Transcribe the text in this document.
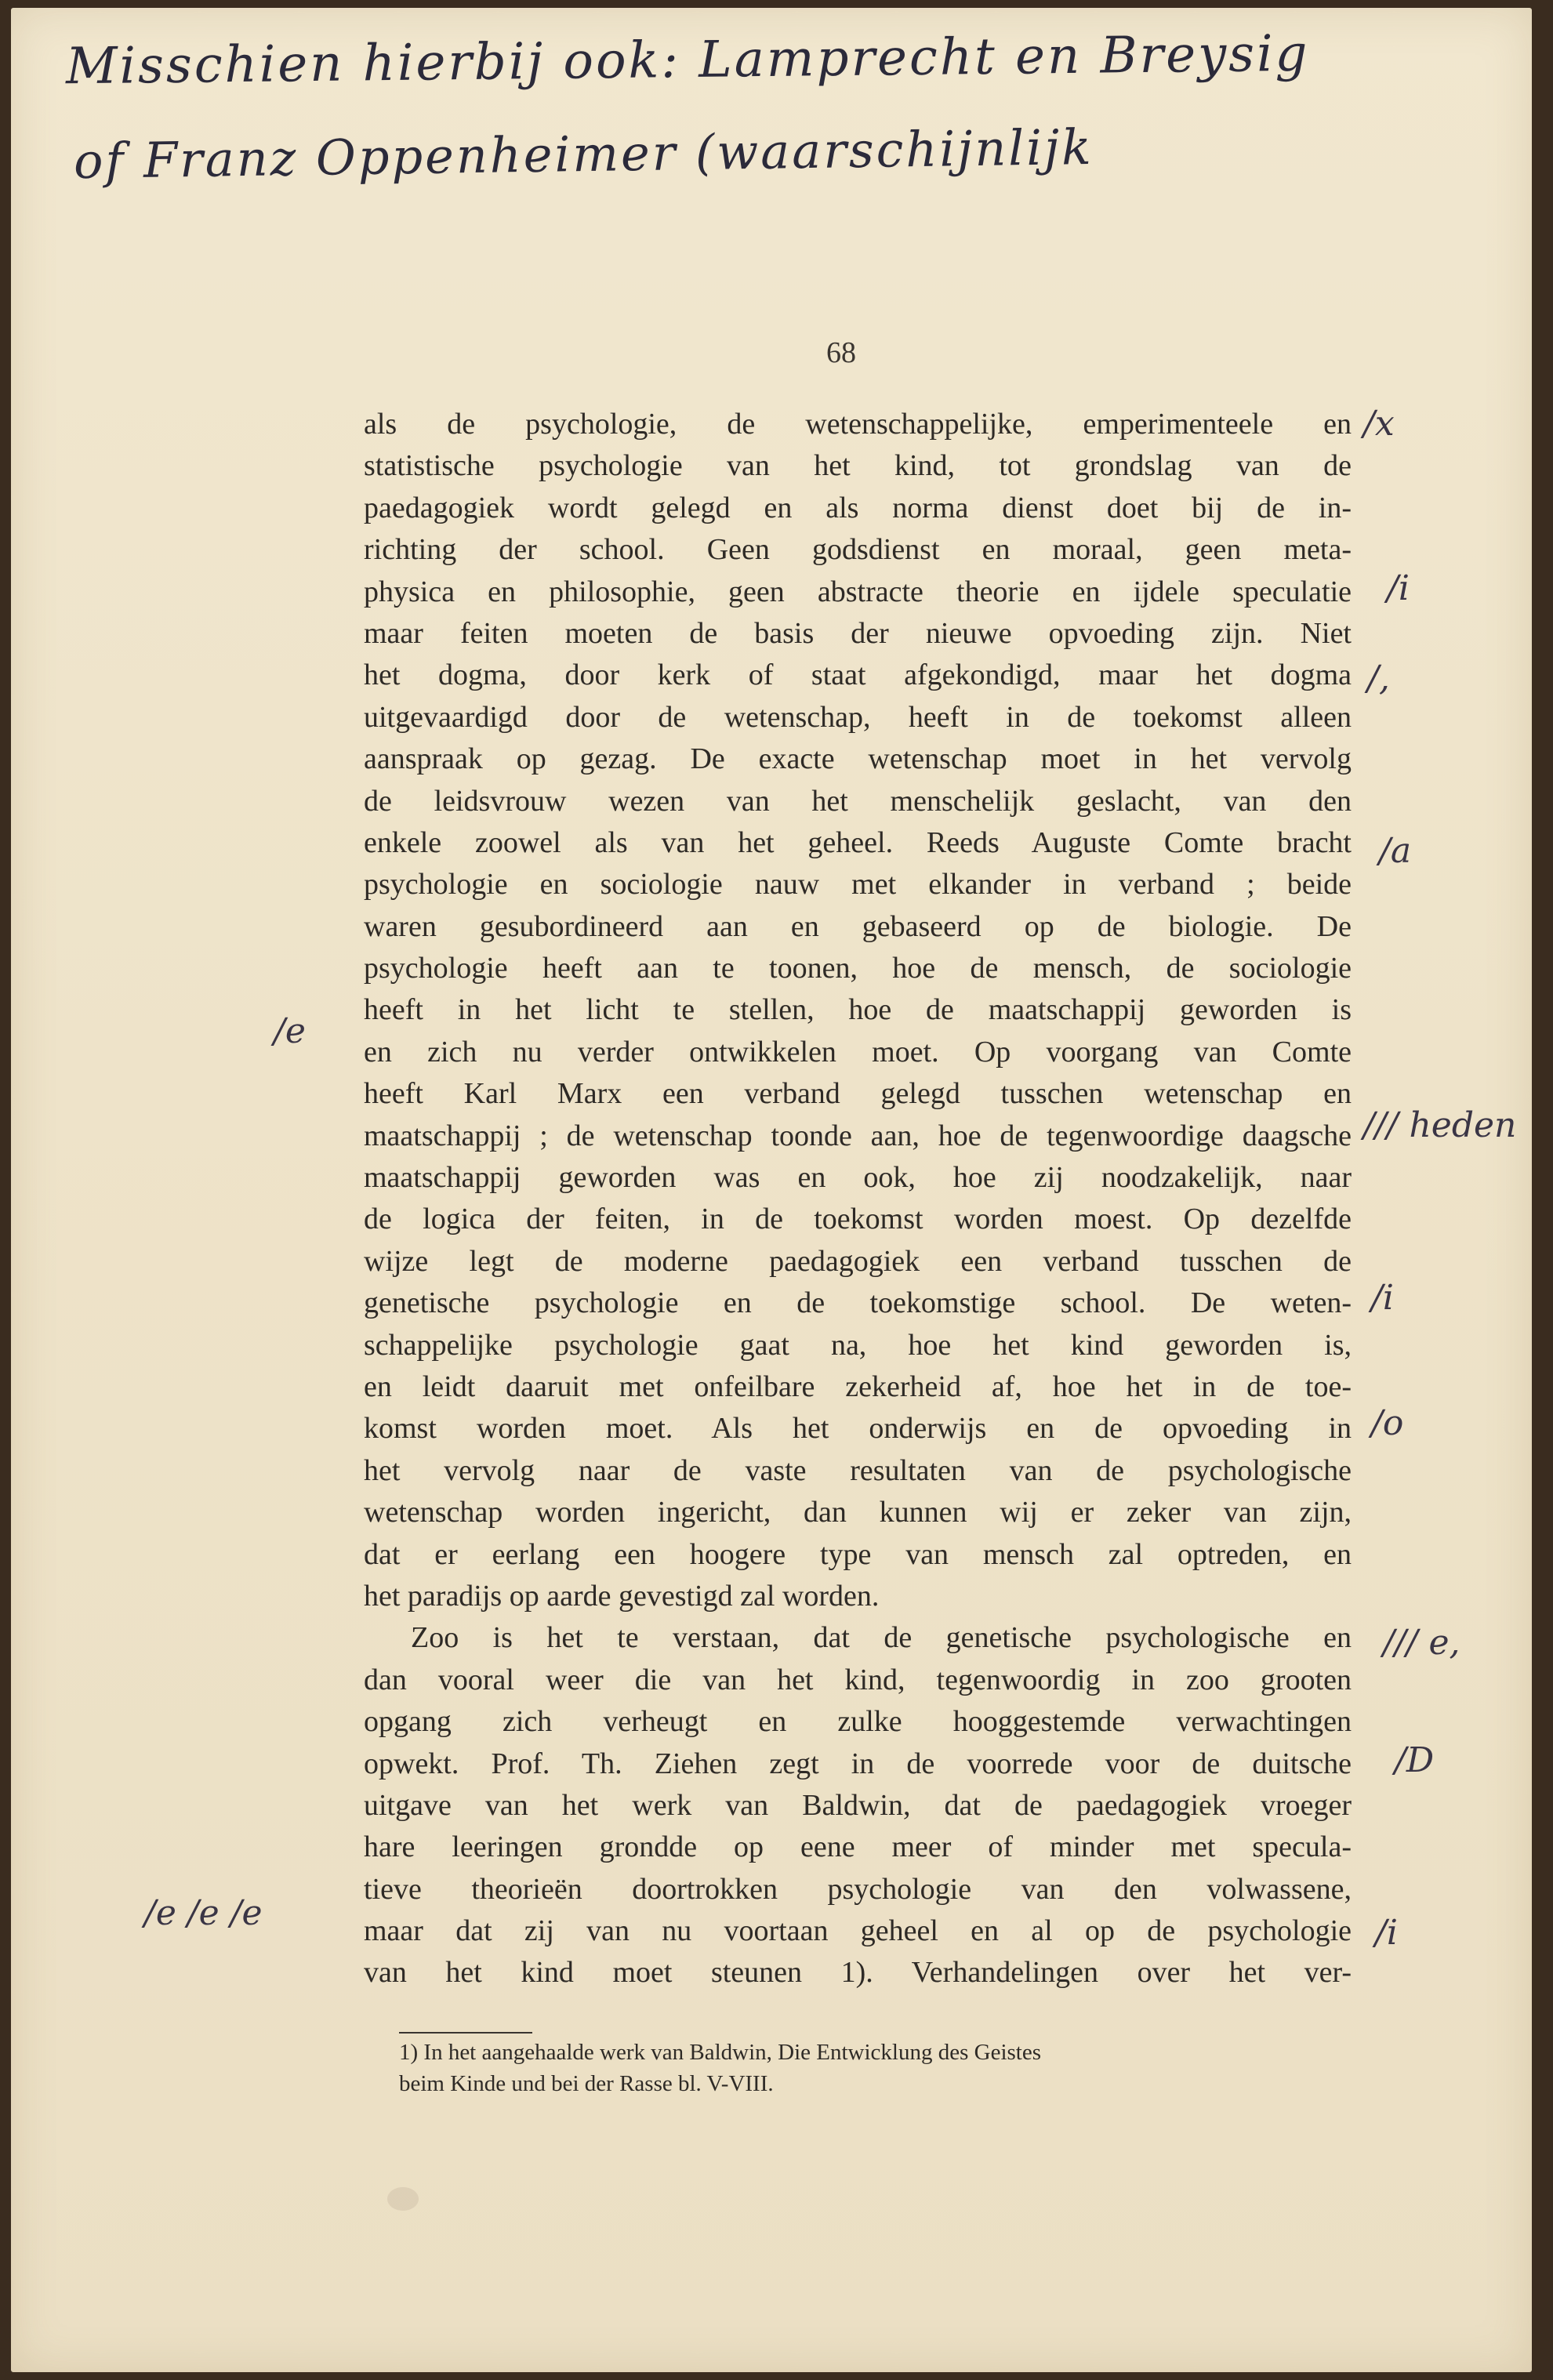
Misschien hierbij ook: Lamprecht en Breysig
of Franz Oppenheimer (waarschijnlijk
68
als de psychologie, de wetenschappelijke, emperimenteele en
statistische psychologie van het kind, tot grondslag van de
paedagogiek wordt gelegd en als norma dienst doet bij de in-
richting der school. Geen godsdienst en moraal, geen meta-
physica en philosophie, geen abstracte theorie en ijdele speculatie
maar feiten moeten de basis der nieuwe opvoeding zijn. Niet
het dogma, door kerk of staat afgekondigd, maar het dogma
uitgevaardigd door de wetenschap, heeft in de toekomst alleen
aanspraak op gezag. De exacte wetenschap moet in het vervolg
de leidsvrouw wezen van het menschelijk geslacht, van den
enkele zoowel als van het geheel. Reeds Auguste Comte bracht
psychologie en sociologie nauw met elkander in verband ; beide
waren gesubordineerd aan en gebaseerd op de biologie. De
psychologie heeft aan te toonen, hoe de mensch, de sociologie
heeft in het licht te stellen, hoe de maatschappij geworden is
en zich nu verder ontwikkelen moet. Op voorgang van Comte
heeft Karl Marx een verband gelegd tusschen wetenschap en
maatschappij ; de wetenschap toonde aan, hoe de tegenwoordige daagsche
maatschappij geworden was en ook, hoe zij noodzakelijk, naar
de logica der feiten, in de toekomst worden moest. Op dezelfde
wijze legt de moderne paedagogiek een verband tusschen de
genetische psychologie en de toekomstige school. De weten-
schappelijke psychologie gaat na, hoe het kind geworden is,
en leidt daaruit met onfeilbare zekerheid af, hoe het in de toe-
komst worden moet. Als het onderwijs en de opvoeding in
het vervolg naar de vaste resultaten van de psychologische
wetenschap worden ingericht, dan kunnen wij er zeker van zijn,
dat er eerlang een hoogere type van mensch zal optreden, en
het paradijs op aarde gevestigd zal worden.
Zoo is het te verstaan, dat de genetische psychologische en
dan vooral weer die van het kind, tegenwoordig in zoo grooten
opgang zich verheugt en zulke hooggestemde verwachtingen
opwekt. Prof. Th. Ziehen zegt in de voorrede voor de duitsche
uitgave van het werk van Baldwin, dat de paedagogiek vroeger
hare leeringen grondde op eene meer of minder met specula-
tieve theorieën doortrokken psychologie van den volwassene,
maar dat zij van nu voortaan geheel en al op de psychologie
van het kind moet steunen 1). Verhandelingen over het ver-
1) In het aangehaalde werk van Baldwin, Die Entwicklung des Geistes
beim Kinde und bei der Rasse bl. V-VIII.
/x
/i
/,
/a
/e
/// heden
/i
/o
/// e,
/D
/e /e /e	/i
